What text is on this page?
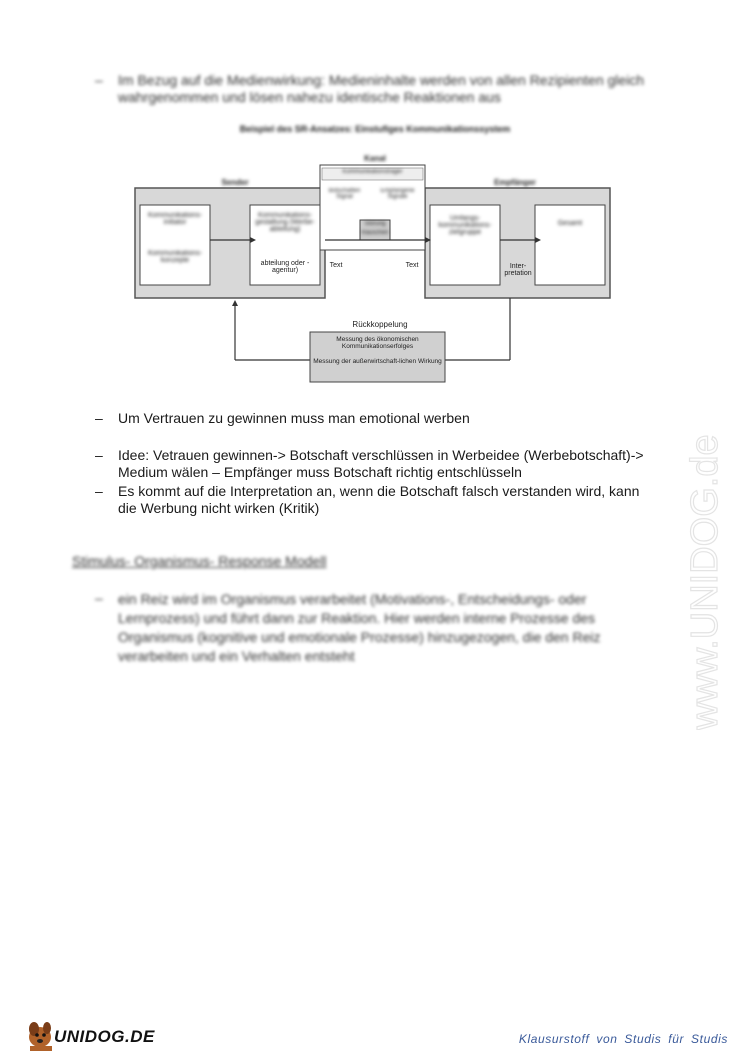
– Im Bezug auf die Medienwirkung: Medieninhalte werden von allen Rezipienten gleich wahrgenommen und lösen nahezu identische Reaktionen aus
Beispiel des SR-Ansatzes: Einstufiges Kommunikationssystem
Kanal
Sender	Empfänger
Kommunikationsträger
Kommunikations-initiator
Kommunikations-konzepte
Kommunikations-gestaltung (Werbe-abteilung)
abteilung oder -agentur)
Botschaften Signal
Empfangene Signale
Störung
Rauschen
Text	Text
Umfangs-kommunikations-zielgruppe
Gesamt
Inter-pretation
Rückkoppelung
Messung des ökonomischen Kommunikationserfolges
Messung der außerwirtschaft-lichen Wirkung
– Um Vertrauen zu gewinnen muss man emotional werben
– Idee: Vetrauen gewinnen-> Botschaft verschlüssen in Werbeidee (Werbebotschaft)-> Medium wälen – Empfänger muss Botschaft richtig entschlüsseln
– Es kommt auf die Interpretation an, wenn die Botschaft falsch verstanden wird, kann die Werbung nicht wirken (Kritik)
Stimulus- Organismus- Response Modell
– ein Reiz wird im Organismus verarbeitet (Motivations-, Entscheidungs- oder Lernprozess) und führt dann zur Reaktion. Hier werden interne Prozesse des Organismus (kognitive und emotionale Prozesse) hinzugezogen, die den Reiz verarbeiten und ein Verhalten entsteht	www.UNIDOG.de
UNIDOG.DE	Klausurstoff von Studis für Studis
